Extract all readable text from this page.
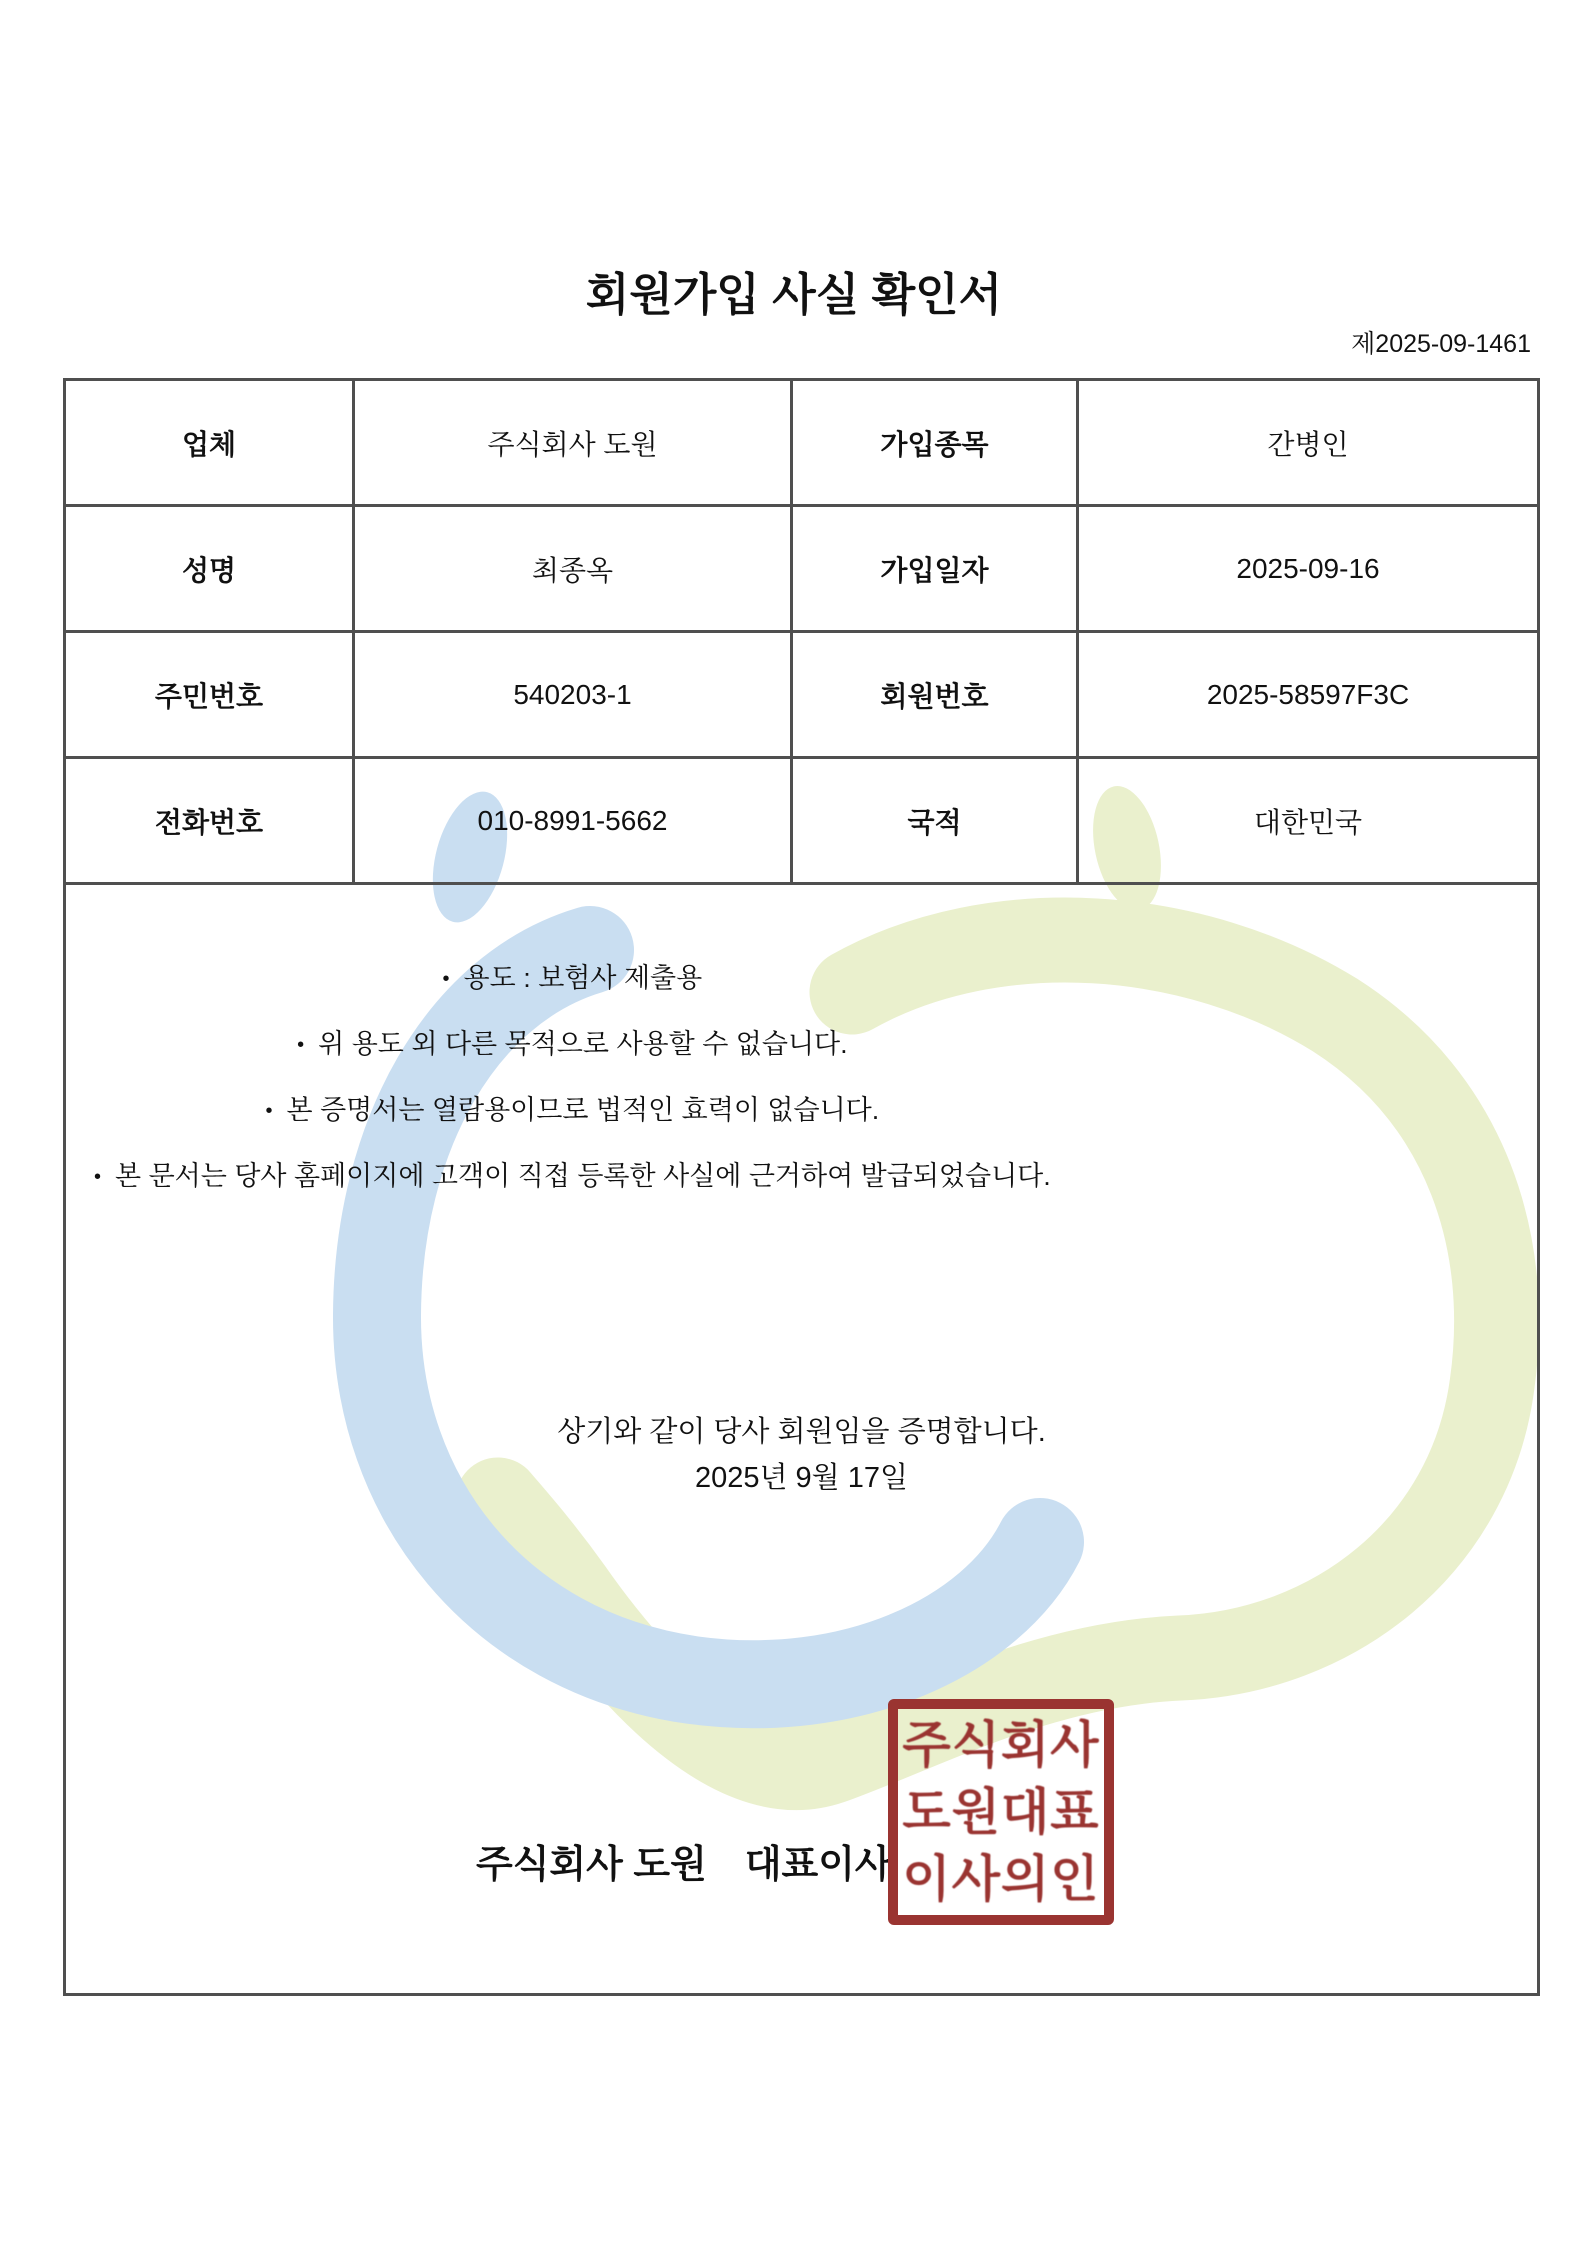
회원가입 사실 확인서
제2025-09-1461
업체	주식회사 도원	가입종목	간병인
성명	최종옥	가입일자	2025-09-16
주민번호	540203-1	회원번호	2025-58597F3C
전화번호	010-8991-5662	국적	대한민국

• 용도 : 보험사 제출용
• 위 용도 외 다른 목적으로 사용할 수 없습니다.
• 본 증명서는 열람용이므로 법적인 효력이 없습니다.
• 본 문서는 당사 홈페이지에 고객이 직접 등록한 사실에 근거하여 발급되었습니다.
상기와 같이 당사 회원임을 증명합니다.
2025년 9월 17일
주식회사 도원 대표이사
주식회사
도원대표
이사의인
